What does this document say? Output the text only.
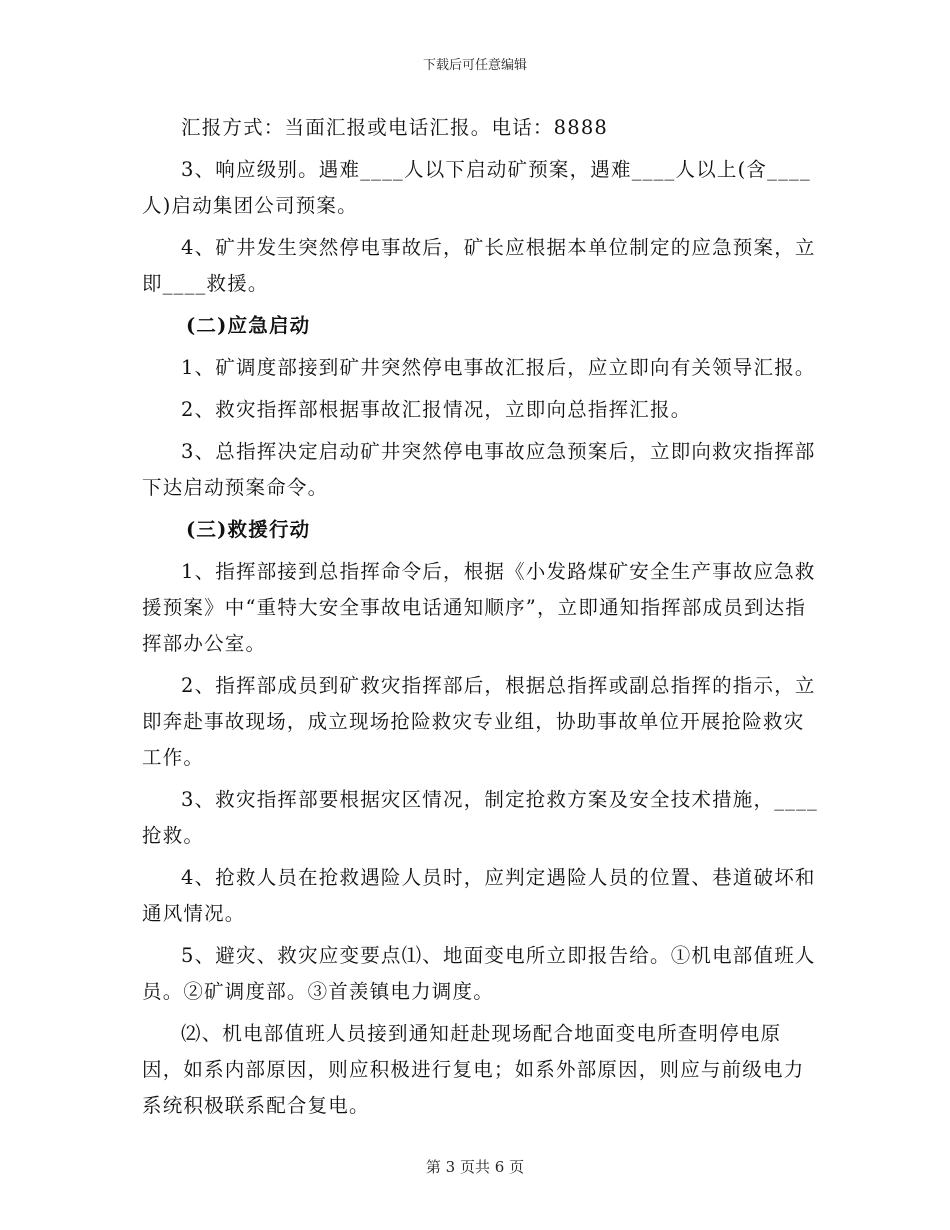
下载后可任意编辑

汇报方式：当面汇报或电话汇报。电话：8888

3、响应级别。遇难____人以下启动矿预案，遇难____人以上(含____人)启动集团公司预案。

4、矿井发生突然停电事故后，矿长应根据本单位制定的应急预案，立即____救援。

(二)应急启动

1、矿调度部接到矿井突然停电事故汇报后，应立即向有关领导汇报。

2、救灾指挥部根据事故汇报情况，立即向总指挥汇报。

3、总指挥决定启动矿井突然停电事故应急预案后，立即向救灾指挥部下达启动预案命令。

(三)救援行动

1、指挥部接到总指挥命令后，根据《小发路煤矿安全生产事故应急救援预案》中“重特大安全事故电话通知顺序”，立即通知指挥部成员到达指挥部办公室。

2、指挥部成员到矿救灾指挥部后，根据总指挥或副总指挥的指示，立即奔赴事故现场，成立现场抢险救灾专业组，协助事故单位开展抢险救灾工作。

3、救灾指挥部要根据灾区情况，制定抢救方案及安全技术措施，____抢救。

4、抢救人员在抢救遇险人员时，应判定遇险人员的位置、巷道破坏和通风情况。

5、避灾、救灾应变要点⑴、地面变电所立即报告给。①机电部值班人员。②矿调度部。③首羡镇电力调度。

⑵、机电部值班人员接到通知赶赴现场配合地面变电所查明停电原因，如系内部原因，则应积极进行复电；如系外部原因，则应与前级电力系统积极联系配合复电。

第 3 页共 6 页
